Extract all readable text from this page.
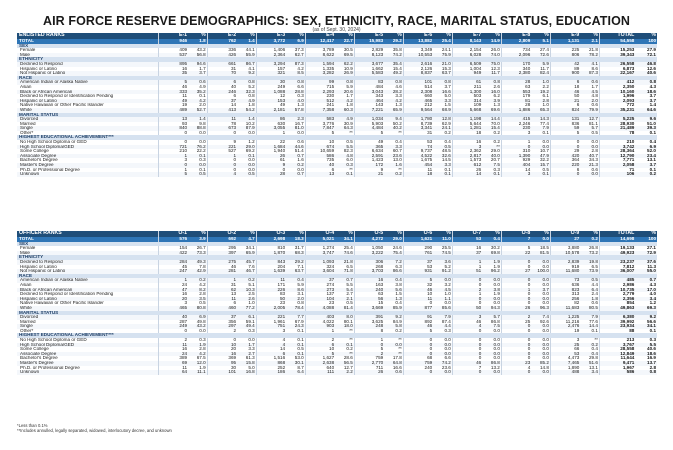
AIR FORCE RESERVE DEMOGRAPHICS: SEX, ETHNICITY, RACE, MARITAL STATUS, EDUCATION
(as of Sept. 30, 2024)
ENLISTED RANKS	E-1	%	E-2	%	E-3	%	E-4	%	E-5	%	E-6	%	E-7	%	E-8	%	E-9	%	TOTAL	%
TOTAL	946	1.8	762	1.4	3,772	6.9	12,417	22.7	15,983	29.2	13,882	25.4	8,143	14.9	2,809	5.1	1,131	2.1	54,558	100
SEX																				
Female	409	43.2	336	44.1	1,406	37.3	3,789	30.5	2,829	35.8	3,349	24.1	2,154	26.0	734	27.4	225	21.8	15,253	27.9
Male	537	56.8	426	55.9	2,364	62.7	8,622	69.5	8,123	74.2	10,553	75.9	6,028	74.0	2,096	72.6	806	78.2	39,343	72.1
ETHNICITY																				
Declined to Respond	895	94.6	661	86.7	3,294	87.3	1,594	62.2	3,677	35.4	2,616	21.0	6,509	75.0	170	5.9	42	4.1	26,558	46.8
Hispanic or Latino	16	1.7	31	4.1	157	4.2	1,335	10.9	1,662	15.4	2,126	15.3	1,004	12.3	340	11.7	89	8.6	6,873	12.6
Not Hispanic or Latino	35	3.7	70	9.2	321	8.5	3,282	26.9	5,583	49.2	8,837	63.7	949	11.7	2,380	82.4	900	87.3	22,167	40.6
RACE																				
American Indian or Alaska Native	5	0.6	6	0.8	30	0.8	99	0.8	83	0.8	101	0.8	61	0.8	28	1.0	6	0.6	412	0.8
Asian	46	4.9	40	5.2	249	6.6	715	5.9	484	4.6	514	3.7	211	2.6	63	2.2	18	1.7	2,350	4.3
Black or African American	333	35.2	246	32.3	1,088	28.8	2,293	20.6	3,043	28.2	2,308	16.6	1,300	16.0	553	19.2	46	4.5	10,160	18.6
Declined to Respond or Identification Pending	11	0.1	6	0.8	12	0.3	230	1.7	343	3.3	660	5.0	503	6.2	179	6.1	50	4.8	1,996	3.7
Hispanic or Latino	49	4.2	37	4.9	153	4.0	512	4.2	464	4.2	465	3.3	314	3.9	81	2.8	21	2.0	2,093	3.7
Native Hawaiian or Other Pacific Islander	19	2.0	14	1.8	49	1.3	241	1.8	143	1.3	212	1.5	109	1.3	28	1.0	6	0.6	772	1.4
White	489	52.7	413	54.2	2,181	57.8	7,358	60.3	7,221	65.9	9,564	68.9	5,668	69.6	1,886	65.3	824	79.9	35,231	64.6
MARITAL STATUS																				
Divorced	13	1.4	11	1.4	86	2.3	583	4.9	1,034	9.4	1,780	12.8	1,198	14.4	415	14.3	131	12.7	5,225	9.6
Married	93	9.8	78	10.2	630	16.7	3,776	30.9	5,903	50.2	8,739	62.9	5,644	70.0	2,246	77.4	836	81.1	28,930	51.0
Single	840	88.8	673	87.9	3,055	81.0	7,847	64.3	4,484	40.2	3,341	24.1	1,281	15.4	230	7.9	59	5.7	21,489	39.3
Other*	0	0.0	0	0.0	1	0.0	5	**	5	**	31	0.2	18	0.2	3	0.1	5	0.5	78	0.1
HIGHEST EDUCATIONAL ACHIEVEMENT***																				
No High School Diploma or GED	0	0.0	9	1.2	22	0.6	10	0.5	49	0.4	53	0.4	16	0.2	1	0.0	0	0.0	210	0.4
High School Diploma/GED	721	76.2	221	29.0	1,684	44.6	674	5.5	365	3.3	74	0.5	3	**	0	0.0	0	0.0	3,742	6.9
Some College	210	22.2	527	69.2	1,940	51.4	10,659	82.3	6,634	60.7	9,737	48.5	2,362	29.0	310	10.7	29	2.8	28,364	52.0
Associate Degree	1	0.1	1	0.1	26	0.7	586	4.8	2,591	23.6	4,522	32.6	2,817	40.0	1,390	47.9	420	40.7	12,790	23.4
Bachelor's Degree	3	0.3	0	0.0	61	1.6	735	6.0	1,423	13.0	1,675	14.5	1,573	20.7	929	32.2	364	34.3	7,771	13.1
Master's Degree	0	0.0	0	0.0	9	0.2	40	0.3	172	1.6	454	3.3	612	7.5	404	15.7	220	21.3	2,058	3.7
Ph.D. or Professional Degree	1	0.1	0	0.0	0	0.0	6	**	9	**	11	0.1	26	0.3	14	0.5	6	0.6	71	0.1
Unknown	5	0.5	4	0.5	28	0.7	13	0.1	21	0.2	18	0.1	14	0.1	3	0.1	0	0.0	106	0.2
OFFICER RANKS	O-1	%	O-2	%	O-3	%	O-4	%	O-5	%	O-6	%	O-7	%	O-8	%	O-9	%	TOTAL	%
TOTAL	576	3.9	692	4.7	2,698	18.3	5,021	34.1	4,272	29.0	1,621	11.0	53	0.4	7	0.0	27	0.2	14,698	100
SEX																				
Female	154	26.7	295	34.1	810	31.7	1,274	25.4	1,050	24.6	290	25.5	16	30.2	5	18.5	3,880	26.8	19,133	27.1
Male	422	73.3	397	65.9	1,870	68.3	3,747	74.6	3,222	75.4	761	74.5	37	69.8	22	81.5	10,578	73.2	49,923	72.9
ETHNICITY																				
Declined to Respond	284	49.3	275	45.7	843	29.2	1,093	21.8	306	7.2	37	3.6	1	1.9	0	0.0	2,839	19.8	23,237	37.6
Hispanic or Latino	45	7.8	46	7.6	204	7.1	324	6.5	268	6.3	53	5.2	1	1.9	0	0.0	919	6.5	7,812	11.3
Not Hispanic or Latino	247	42.9	281	46.7	1,639	63.7	3,604	71.8	3,703	86.6	931	91.2	51	96.2	27	100.0	11,680	73.9	36,007	55.0
RACE																				
American Indian or Alaska Native	1	0.2	1	0.2	11	0.4	37	0.7	16	0.4	5	0.0	0	0.0	0	0.0	73	0.5	485	0.7
Asian	24	4.2	31	5.1	171	5.9	274	5.5	163	3.8	32	3.2	0	0.0	0	0.0	636	4.4	2,986	4.3
Black or African American	47	8.2	62	10.3	226	8.6	273	5.4	240	5.6	46	4.5	2	3.8	1	3.7	823	6.4	10,735	17.0
Declined to Respond or Identification Pending	16	2.8	13	2.5	83	3.1	137	2.7	63	1.5	10	1.0	1	1.9	0	0.0	313	2.4	2,779	4.0
Hispanic or Latino	20	3.5	11	2.6	50	2.0	104	2.1	56	1.3	11	1.1	0	0.0	0	0.0	256	1.8	2,356	3.4
Native Hawaiian or Other Pacific Islander	3	0.5	6	1.0	23	0.8	23	0.5	15	0.4	0	0.0	0	0.0	0	0.0	82	0.6	854	1.2
White	465	80.8	460	77.2	2,005	78.4	4,088	81.4	3,669	85.9	877	85.6	50	94.3	26	96.3	11,683	80.5	49,863	69.3
MARITAL STATUS																				
Divorced	40	6.9	37	6.1	221	7.7	403	8.0	391	9.2	91	7.9	3	5.7	2	7.4	1,225	7.9	6,380	9.2
Married	287	49.8	356	59.1	1,961	67.9	4,022	80.1	3,625	84.9	892	87.4	46	86.8	25	92.6	11,216	77.6	39,992	56.6
Single	249	43.2	297	49.4	751	24.3	903	18.0	248	5.8	46	4.4	4	7.5	0	0.0	2,476	14.4	23,934	34.1
Other*	0	0.0	2	0.3	3	0.1	1	**	8	0.2	5	0.3	0	0.0	0	0.0	19	0.1	88	0.1
HIGHEST EDUCATIONAL ACHIEVEMENT***																				
No High School Diploma or GED	2	0.3	0	0.0	4	0.1	2	**	1	**	0	0.0	0	0.0	0	0.0	3	**	213	0.3
High School Diploma/GED	11	1.9	10	1.7	4	0.1	6	0.1	0	0.0	0	0.0	0	0.0	0	0.0	25	0.2	3,767	5.5
Some College	16	2.8	20	3.3	14	0.5	10	0.2	5	**	0	0.0	0	0.0	0	0.0	66	0.4	28,558	40.6
Associate Degree	24	4.2	16	2.7	6	0.1	5	**	2	**	0	0.0	0	0.0	0	0.0	53	0.4	12,849	18.6
Bachelor's Degree	389	67.5	369	61.3	1,516	53.0	1,627	28.6	759	17.8	68	6.6	0	0.0	0	0.0	4,473	29.8	11,644	16.9
Master's Degree	69	12.0	95	15.8	868	30.1	2,638	56.5	2,770	64.8	759	74.2	46	86.8	23	85.2	7,465	51.6	9,471	13.7
Ph.D. or Professional Degree	11	1.9	30	5.0	252	8.7	640	12.7	711	16.6	240	23.6	7	13.2	4	14.8	1,890	13.1	1,967	2.8
Unknown	64	11.1	101	16.8	186	6.4	111	2.2	26	0.6	0	0.0	0	0.0	0	0.0	488	3.4	586	0.8
*Less than 0.1%
**Includes annulled, legally separated, widowed, interlocutory decree, and unknown
